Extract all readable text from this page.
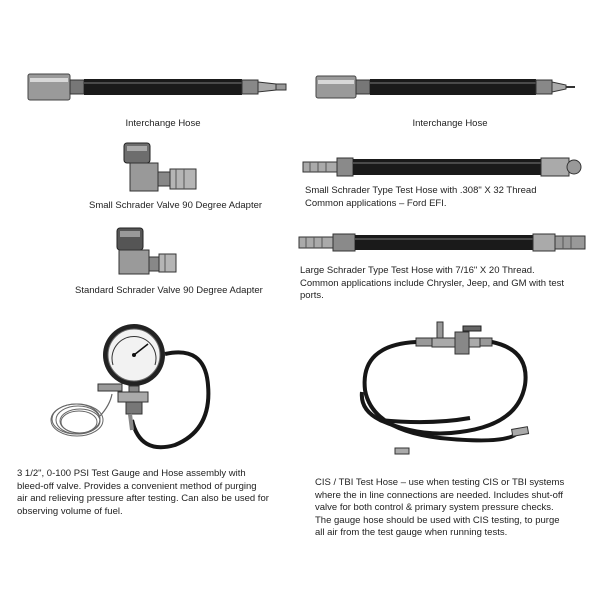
Interchange Hose	Interchange Hose
Small Schrader Valve 90 Degree Adapter
Small Schrader Type Test Hose with .308" X 32 Thread
Common applications – Ford EFI.
Standard Schrader Valve 90 Degree Adapter
Large Schrader Type Test Hose with 7/16" X 20 Thread.
Common applications include Chrysler, Jeep, and GM with test
ports.
3 1/2", 0-100 PSI Test Gauge and Hose assembly with
bleed-off valve. Provides a convenient method of purging
air and relieving pressure after testing. Can also be used for
observing volume of fuel.
CIS / TBI Test Hose – use when testing CIS or TBI systems
where the in line connections are needed. Includes shut-off
valve for both control & primary system pressure checks.
The gauge hose should be used with CIS testing, to purge
all air from the test gauge when running tests.
